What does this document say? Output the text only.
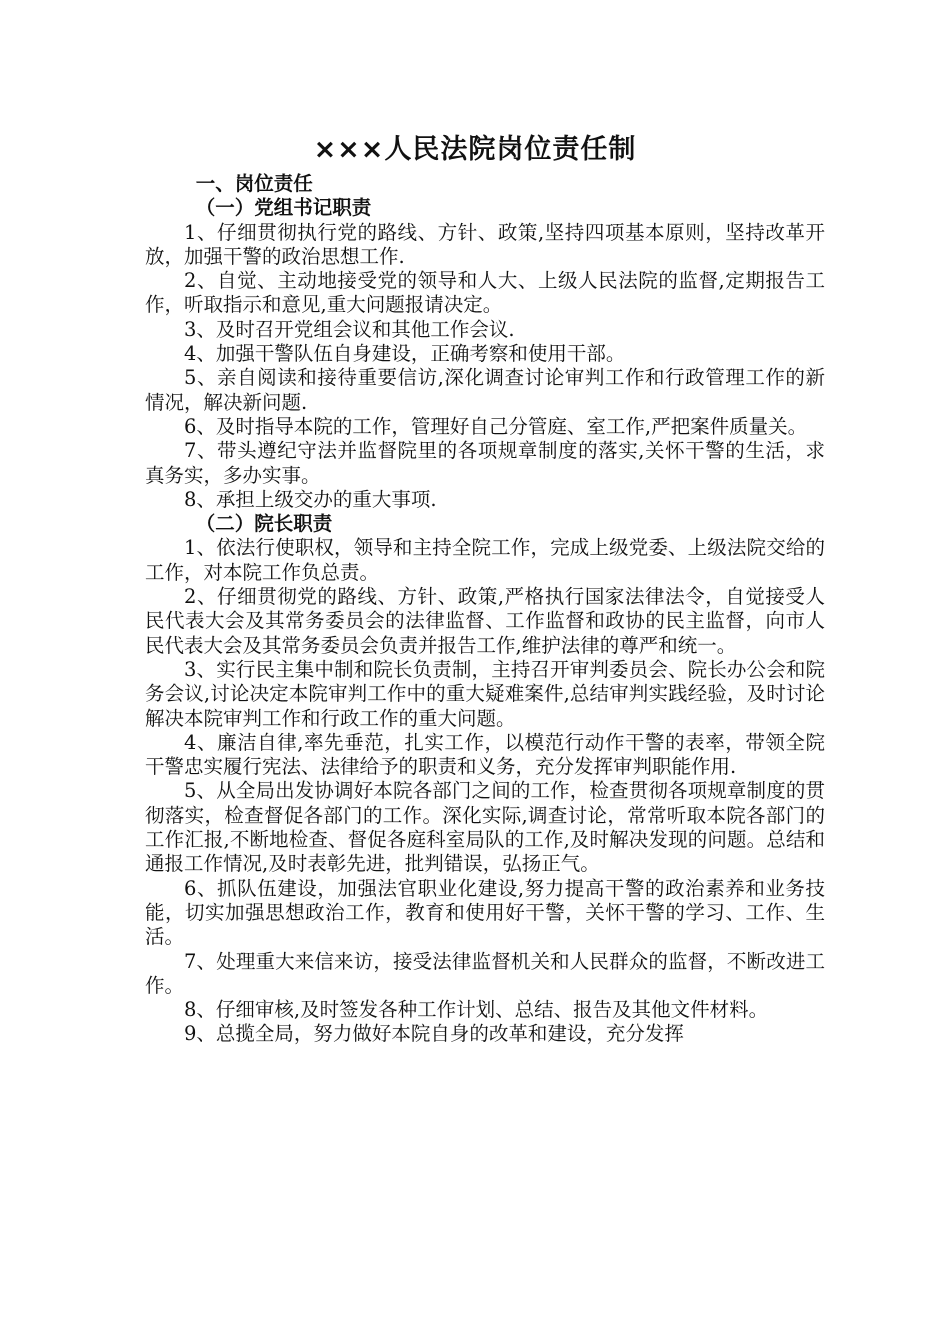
×××人民法院岗位责任制

一、岗位责任

（一）党组书记职责

1、仔细贯彻执行党的路线、方针、政策,坚持四项基本原则，坚持改革开放，加强干警的政治思想工作.

2、自觉、主动地接受党的领导和人大、上级人民法院的监督,定期报告工作，听取指示和意见,重大问题报请决定。

3、及时召开党组会议和其他工作会议.

4、加强干警队伍自身建设，正确考察和使用干部。

5、亲自阅读和接待重要信访,深化调查讨论审判工作和行政管理工作的新情况，解决新问题.

6、及时指导本院的工作，管理好自己分管庭、室工作,严把案件质量关。

7、带头遵纪守法并监督院里的各项规章制度的落实,关怀干警的生活，求真务实，多办实事。

8、承担上级交办的重大事项.

（二）院长职责

1、依法行使职权，领导和主持全院工作，完成上级党委、上级法院交给的工作，对本院工作负总责。

2、仔细贯彻党的路线、方针、政策,严格执行国家法律法令，自觉接受人民代表大会及其常务委员会的法律监督、工作监督和政协的民主监督，向市人民代表大会及其常务委员会负责并报告工作,维护法律的尊严和统一。

3、实行民主集中制和院长负责制，主持召开审判委员会、院长办公会和院务会议,讨论决定本院审判工作中的重大疑难案件,总结审判实践经验，及时讨论解决本院审判工作和行政工作的重大问题。

4、廉洁自律,率先垂范，扎实工作，以模范行动作干警的表率，带领全院干警忠实履行宪法、法律给予的职责和义务，充分发挥审判职能作用.

5、从全局出发协调好本院各部门之间的工作，检查贯彻各项规章制度的贯彻落实，检查督促各部门的工作。深化实际,调查讨论，常常听取本院各部门的工作汇报,不断地检查、督促各庭科室局队的工作,及时解决发现的问题。总结和通报工作情况,及时表彰先进，批判错误，弘扬正气。

6、抓队伍建设，加强法官职业化建设,努力提高干警的政治素养和业务技能，切实加强思想政治工作，教育和使用好干警，关怀干警的学习、工作、生活。

7、处理重大来信来访，接受法律监督机关和人民群众的监督，不断改进工作。

8、仔细审核,及时签发各种工作计划、总结、报告及其他文件材料。

9、总揽全局，努力做好本院自身的改革和建设，充分发挥
